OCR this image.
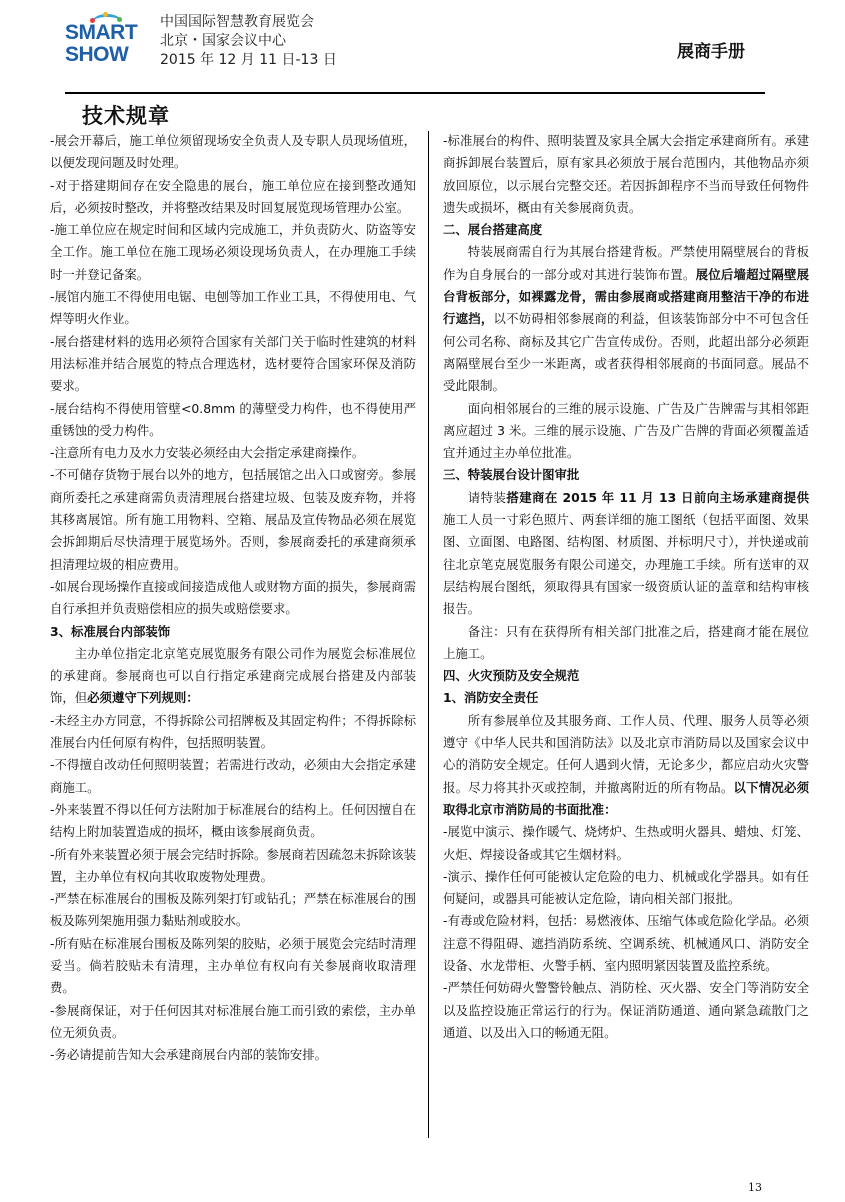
SMART
SHOW
中国国际智慧教育展览会
北京・国家会议中心
2015 年 12 月 11 日-13 日	展商手册
技术规章

-展会开幕后，施工单位须留现场安全负责人及专职人员现场值班，以便发现问题及时处理。

-对于搭建期间存在安全隐患的展台，施工单位应在接到整改通知后，必须按时整改，并将整改结果及时回复展览现场管理办公室。

-施工单位应在规定时间和区域内完成施工，并负责防火、防盗等安全工作。施工单位在施工现场必须设现场负责人，在办理施工手续时一并登记备案。

-展馆内施工不得使用电锯、电刨等加工作业工具，不得使用电、气焊等明火作业。

-展台搭建材料的选用必须符合国家有关部门关于临时性建筑的材料用法标准并结合展览的特点合理选材，选材要符合国家环保及消防要求。

-展台结构不得使用管壁<0.8mm 的薄壁受力构件，也不得使用严重锈蚀的受力构件。

-注意所有电力及水力安装必须经由大会指定承建商操作。

-不可储存货物于展台以外的地方，包括展馆之出入口或窗旁。参展商所委托之承建商需负责清理展台搭建垃圾、包装及废弃物，并将其移离展馆。所有施工用物料、空箱、展品及宣传物品必须在展览会拆卸期后尽快清理于展览场外。否则，参展商委托的承建商须承担清理垃圾的相应费用。

-如展台现场操作直接或间接造成他人或财物方面的损失，参展商需自行承担并负责赔偿相应的损失或赔偿要求。

3、标准展台内部装饰

主办单位指定北京笔克展览服务有限公司作为展览会标准展位的承建商。参展商也可以自行指定承建商完成展台搭建及内部装饰，但必须遵守下列规则：

-未经主办方同意，不得拆除公司招牌板及其固定构件；不得拆除标准展台内任何原有构件，包括照明装置。

-不得擅自改动任何照明装置；若需进行改动，必须由大会指定承建商施工。

-外来装置不得以任何方法附加于标准展台的结构上。任何因擅自在结构上附加装置造成的损坏，概由该参展商负责。

-所有外来装置必须于展会完结时拆除。参展商若因疏忽未拆除该装置，主办单位有权向其收取废物处理费。

-严禁在标准展台的围板及陈列架打钉或钻孔；严禁在标准展台的围板及陈列架施用强力黏贴剂或胶水。

-所有贴在标准展台围板及陈列架的胶贴，必须于展览会完结时清理妥当。倘若胶贴未有清理，主办单位有权向有关参展商收取清理费。

-参展商保证，对于任何因其对标准展台施工而引致的索偿，主办单位无须负责。

-务必请提前告知大会承建商展台内部的装饰安排。

-标准展台的构件、照明装置及家具全属大会指定承建商所有。承建商拆卸展台装置后，原有家具必须放于展台范围内，其他物品亦须放回原位，以示展台完整交还。若因拆卸程序不当而导致任何物件遗失或损坏，概由有关参展商负责。

二、展台搭建高度

特装展商需自行为其展台搭建背板。严禁使用隔壁展台的背板作为自身展台的一部分或对其进行装饰布置。展位后墙超过隔壁展台背板部分，如裸露龙骨，需由参展商或搭建商用整洁干净的布进行遮挡，以不妨碍相邻参展商的利益，但该装饰部分中不可包含任何公司名称、商标及其它广告宣传成份。否则，此超出部分必须距离隔壁展台至少一米距离，或者获得相邻展商的书面同意。展品不受此限制。

面向相邻展台的三维的展示设施、广告及广告牌需与其相邻距离应超过 3 米。三维的展示设施、广告及广告牌的背面必须覆盖适宜并通过主办单位批准。

三、特装展台设计图审批

请特装搭建商在 2015 年 11 月 13 日前向主场承建商提供施工人员一寸彩色照片、两套详细的施工图纸（包括平面图、效果图、立面图、电路图、结构图、材质图、并标明尺寸），并快递或前往北京笔克展览服务有限公司递交，办理施工手续。所有送审的双层结构展台图纸，须取得具有国家一级资质认证的盖章和结构审核报告。

备注：只有在获得所有相关部门批准之后，搭建商才能在展位上施工。

四、火灾预防及安全规范

1、消防安全责任

所有参展单位及其服务商、工作人员、代理、服务人员等必须遵守《中华人民共和国消防法》以及北京市消防局以及国家会议中心的消防安全规定。任何人遇到火情，无论多少，都应启动火灾警报。尽力将其扑灭或控制，并撤离附近的所有物品。以下情况必须取得北京市消防局的书面批准：

-展览中演示、操作暖气、烧烤炉、生热或明火器具、蜡烛、灯笼、火炬、焊接设备或其它生烟材料。

-演示、操作任何可能被认定危险的电力、机械或化学器具。如有任何疑问，或器具可能被认定危险，请向相关部门报批。

-有毒或危险材料，包括：易燃液体、压缩气体或危险化学品。必须注意不得阻碍、遮挡消防系统、空调系统、机械通风口、消防安全设备、水龙带柜、火警手柄、室内照明紧因装置及监控系统。

-严禁任何妨碍火警警铃触点、消防栓、灭火器、安全门等消防安全以及监控设施正常运行的行为。保证消防通道、通向紧急疏散门之通道、以及出入口的畅通无阻。

13
